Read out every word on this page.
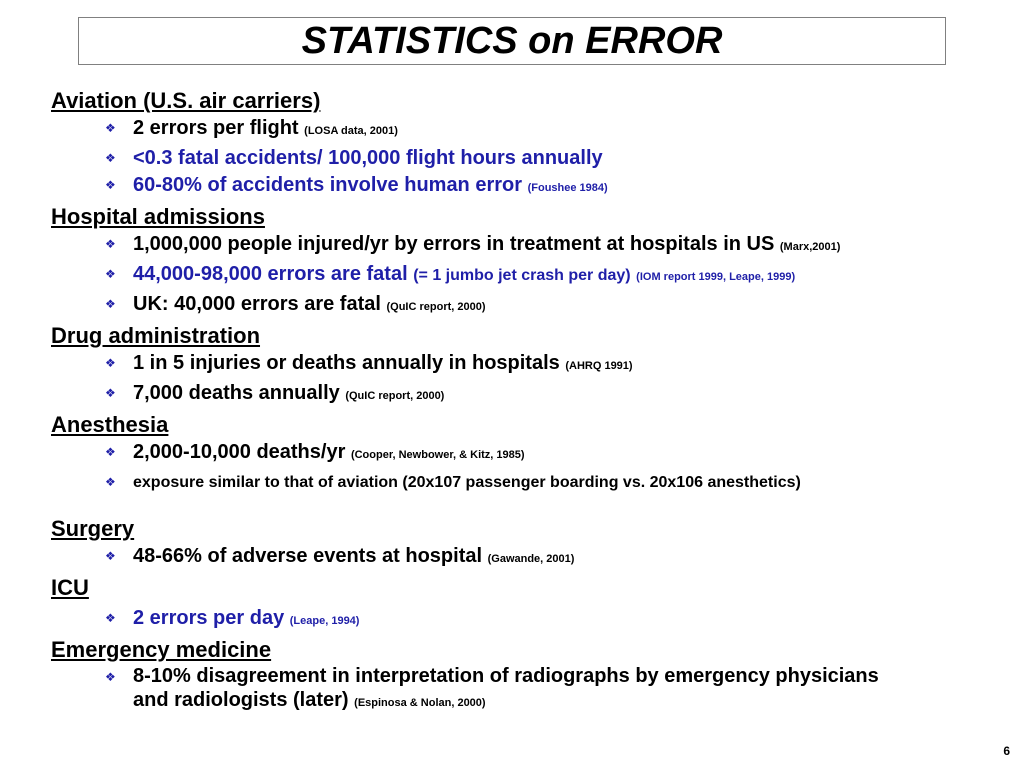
STATISTICS on ERROR
Aviation (U.S. air carriers)
❖ 2 errors per flight (LOSA data, 2001)
❖ <0.3 fatal accidents/ 100,000 flight hours annually
❖ 60-80% of accidents involve human error (Foushee 1984)
Hospital admissions
❖ 1,000,000 people injured/yr by errors in treatment at hospitals in US (Marx,2001)
❖ 44,000-98,000 errors are fatal (= 1 jumbo jet crash per day) (IOM report 1999, Leape, 1999)
❖ UK: 40,000 errors are fatal (QuIC report, 2000)
Drug administration
❖ 1 in 5 injuries or deaths annually in hospitals (AHRQ 1991)
❖ 7,000 deaths annually (QuIC report, 2000)
Anesthesia
❖ 2,000-10,000 deaths/yr (Cooper, Newbower, & Kitz, 1985)
❖ exposure similar to that of aviation (20x107 passenger boarding vs. 20x106 anesthetics)
Surgery
❖ 48-66% of adverse events at hospital (Gawande, 2001)
ICU
❖ 2 errors per day (Leape, 1994)
Emergency medicine
❖ 8-10% disagreement in interpretation of radiographs by emergency physicians
and radiologists (later) (Espinosa & Nolan, 2000)
6
